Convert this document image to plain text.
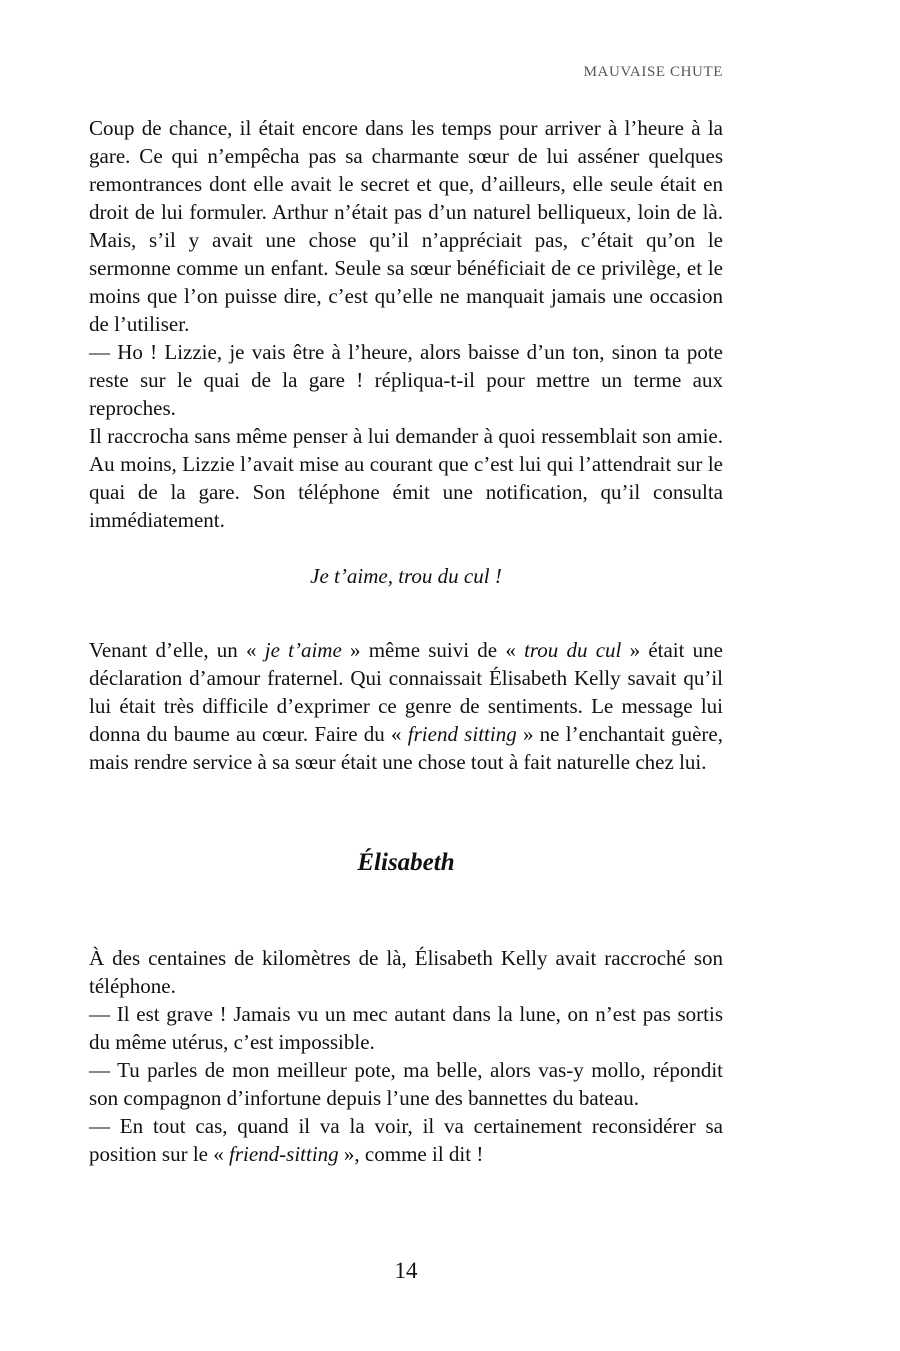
MAUVAISE CHUTE

Coup de chance, il était encore dans les temps pour arriver à l’heure à la gare. Ce qui n’empêcha pas sa charmante sœur de lui asséner quelques remontrances dont elle avait le secret et que, d’ailleurs, elle seule était en droit de lui formuler. Arthur n’était pas d’un naturel belliqueux, loin de là. Mais, s’il y avait une chose qu’il n’appréciait pas, c’était qu’on le sermonne comme un enfant. Seule sa sœur bénéficiait de ce privilège, et le moins que l’on puisse dire, c’est qu’elle ne manquait jamais une occasion de l’utiliser.

— Ho ! Lizzie, je vais être à l’heure, alors baisse d’un ton, sinon ta pote reste sur le quai de la gare ! répliqua-t-il pour mettre un terme aux reproches.

Il raccrocha sans même penser à lui demander à quoi ressemblait son amie. Au moins, Lizzie l’avait mise au courant que c’est lui qui l’attendrait sur le quai de la gare. Son téléphone émit une notification, qu’il consulta immédiatement.

Je t’aime, trou du cul !

Venant d’elle, un « je t’aime » même suivi de « trou du cul » était une déclaration d’amour fraternel. Qui connaissait Élisabeth Kelly savait qu’il lui était très difficile d’exprimer ce genre de sentiments. Le message lui donna du baume au cœur. Faire du « friend sitting » ne l’enchantait guère, mais rendre service à sa sœur était une chose tout à fait naturelle chez lui.

Élisabeth

À des centaines de kilomètres de là, Élisabeth Kelly avait raccroché son téléphone.

— Il est grave ! Jamais vu un mec autant dans la lune, on n’est pas sortis du même utérus, c’est impossible.

— Tu parles de mon meilleur pote, ma belle, alors vas-y mollo, répondit son compagnon d’infortune depuis l’une des bannettes du bateau.

— En tout cas, quand il va la voir, il va certainement reconsidérer sa position sur le « friend-sitting », comme il dit !

14
